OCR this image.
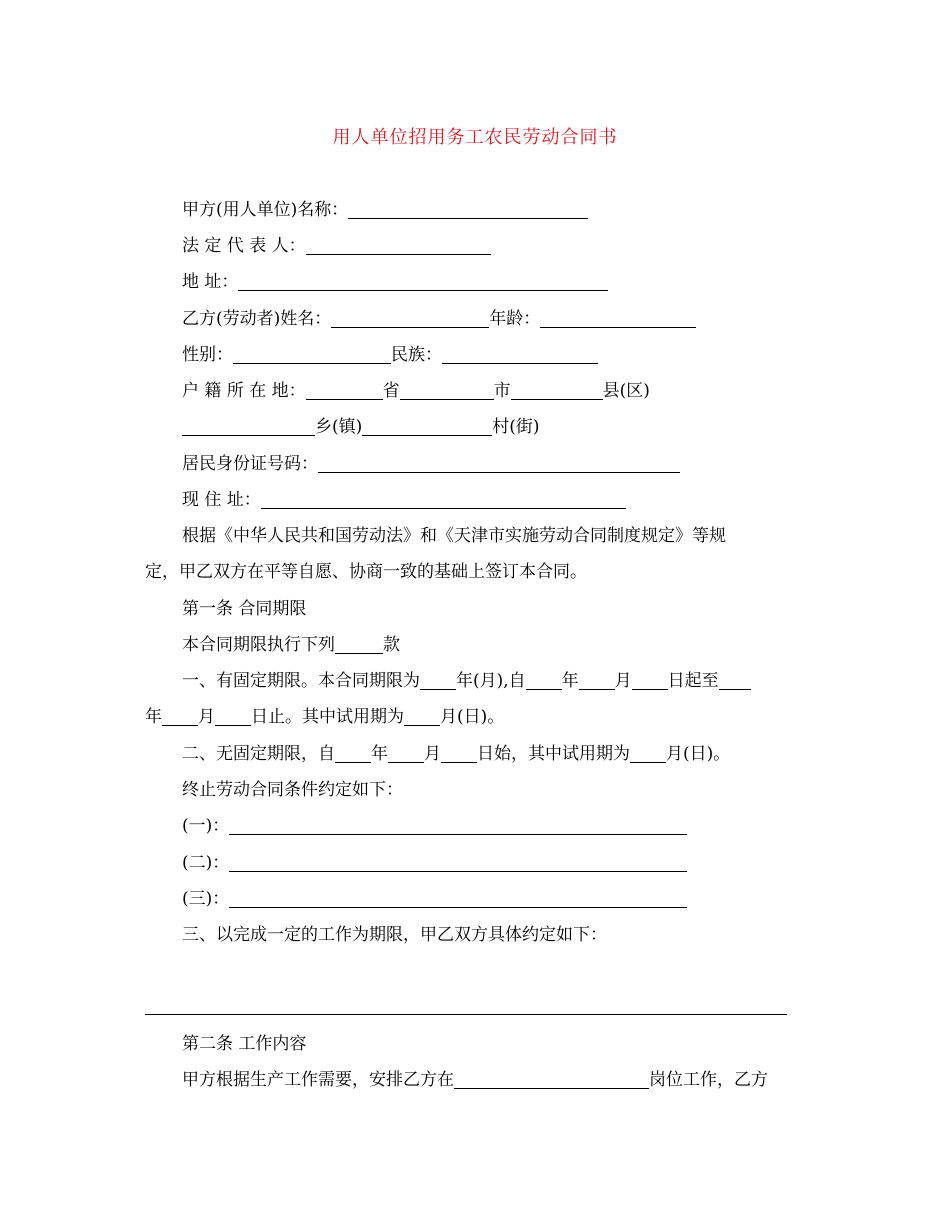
用人单位招用务工农民劳动合同书
甲方(用人单位)名称：
法 定 代 表 人：
地 址：
乙方(劳动者)姓名：	年龄：
性别：	民族：
户 籍 所 在 地：	省	市	县(区)
乡(镇)	村(街)
居民身份证号码：
现 住 址：
根据《中华人民共和国劳动法》和《天津市实施劳动合同制度规定》等规
定，甲乙双方在平等自愿、协商一致的基础上签订本合同。
第一条 合同期限
本合同期限执行下列	款
一、有固定期限。本合同期限为 年(月),自 年 月 日起至
年 月 日止。其中试用期为 月(日)。
二、无固定期限，自 年 月 日始，其中试用期为 月(日)。
终止劳动合同条件约定如下：
(一)：
(二)：
(三)：
三、以完成一定的工作为期限，甲乙双方具体约定如下：
第二条 工作内容
甲方根据生产工作需要，安排乙方在	岗位工作，乙方
